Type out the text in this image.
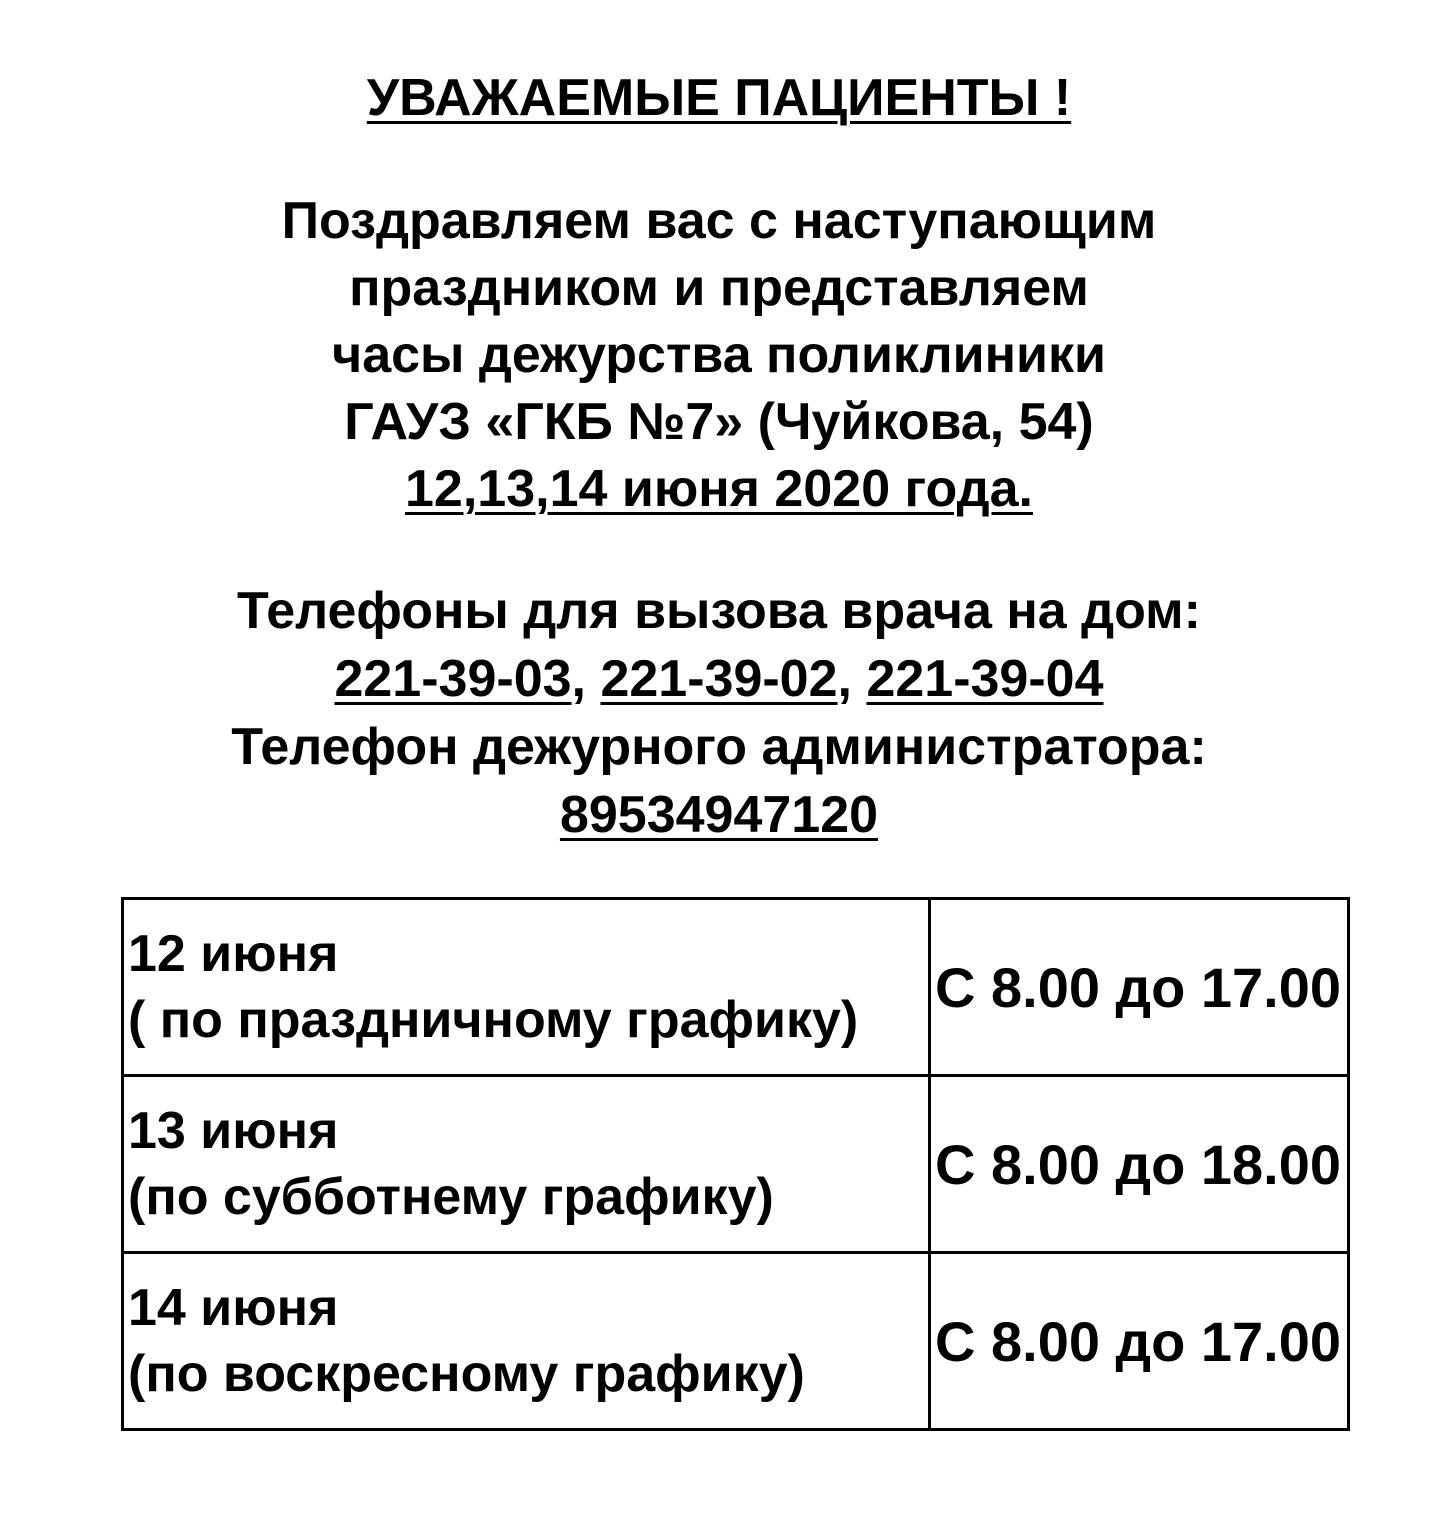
УВАЖАЕМЫЕ ПАЦИЕНТЫ !
Поздравляем вас с наступающим
праздником и представляем
часы дежурства поликлиники
ГАУЗ «ГКБ №7» (Чуйкова, 54)
12,13,14 июня 2020 года.
Телефоны для вызова врача на дом:
221-39-03, 221-39-02, 221-39-04
Телефон дежурного администратора:
89534947120
12 июня
( по праздничному графику)	С 8.00 до 17.00

13 июня
(по субботнему графику)	С 8.00 до 18.00

14 июня
(по воскресному графику)	С 8.00 до 17.00
